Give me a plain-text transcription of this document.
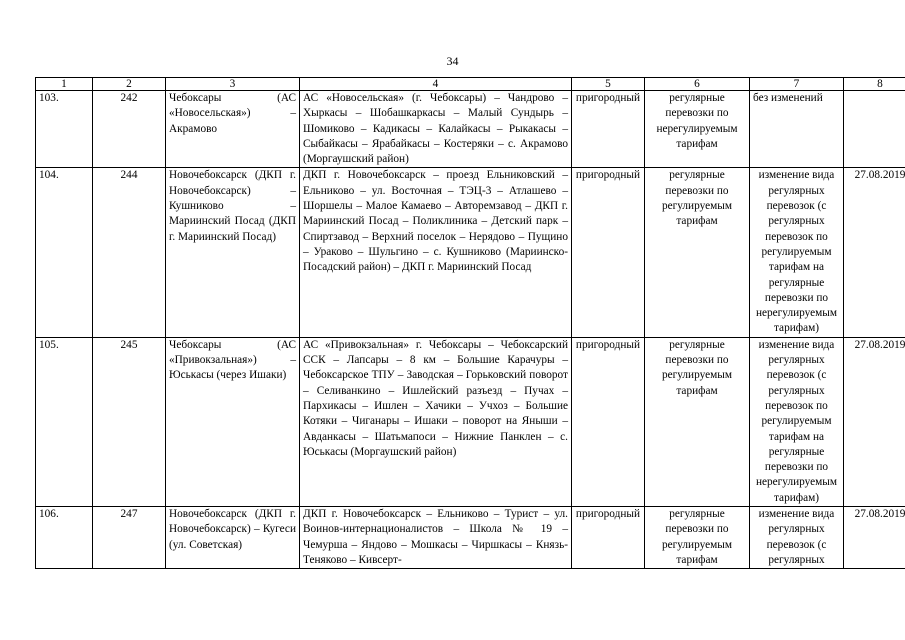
34
1	2	3	4	5	6	7	8
103.	242	Чебоксары (АС «Новосельская») – Акрамово	АС «Новосельская» (г. Чебоксары) – Чандрово – Хыркасы – Шобашкаркасы – Малый Сундырь – Шомиково – Кадикасы – Калайкасы – Рыкакасы – Сыбайкасы – Ярабайкасы – Костеряки – с. Акрамово (Моргаушский район)	пригородный	регулярные перевозки по нерегулируемым тарифам	без изменений	
104.	244	Новочебоксарск (ДКП г. Новочебоксарск) – Кушниково – Мариинский Посад (ДКП г. Мариинский Посад)	ДКП г. Новочебоксарск – проезд Ельниковский – Ельниково – ул. Восточная – ТЭЦ-3 – Атлашево – Шоршелы – Малое Камаево – Авторемзавод – ДКП г. Мариинский Посад – Поликлиника – Детский парк – Спиртзавод – Верхний поселок – Нерядово – Пущино – Ураково – Шульгино – с. Кушниково (Мариинско-Посадский район) – ДКП г. Мариинский Посад	пригородный	регулярные перевозки по регулируемым тарифам	изменение вида регулярных перевозок (с регулярных перевозок по регулируемым тарифам на регулярные перевозки по нерегулируемым тарифам)	27.08.2019
105.	245	Чебоксары (АС «Привокзальная») – Юськасы (через Ишаки)	АС «Привокзальная» г. Чебоксары – Чебоксарский ССК – Лапсары – 8 км – Большие Карачуры – Чебоксарское ТПУ – Заводская – Горьковский поворот – Селиванкино – Ишлейский разъезд – Пучах – Пархикасы – Ишлен – Хачики – Учхоз – Большие Котяки – Чиганары – Ишаки – поворот на Яныши – Авданкасы – Шатьмапоси – Нижние Панклен – с. Юськасы (Моргаушский район)	пригородный	регулярные перевозки по регулируемым тарифам	изменение вида регулярных перевозок (с регулярных перевозок по регулируемым тарифам на регулярные перевозки по нерегулируемым тарифам)	27.08.2019
106.	247	Новочебоксарск (ДКП г. Новочебоксарск) – Кугеси (ул. Советская)	ДКП г. Новочебоксарск – Ельниково – Турист – ул. Воинов-интернационалистов – Школа № 19 – Чемурша – Яндово – Мошкасы – Чиршкасы – Князь-Теняково – Кивсерт-	пригородный	регулярные перевозки по регулируемым тарифам	изменение вида регулярных перевозок (с регулярных	27.08.2019
